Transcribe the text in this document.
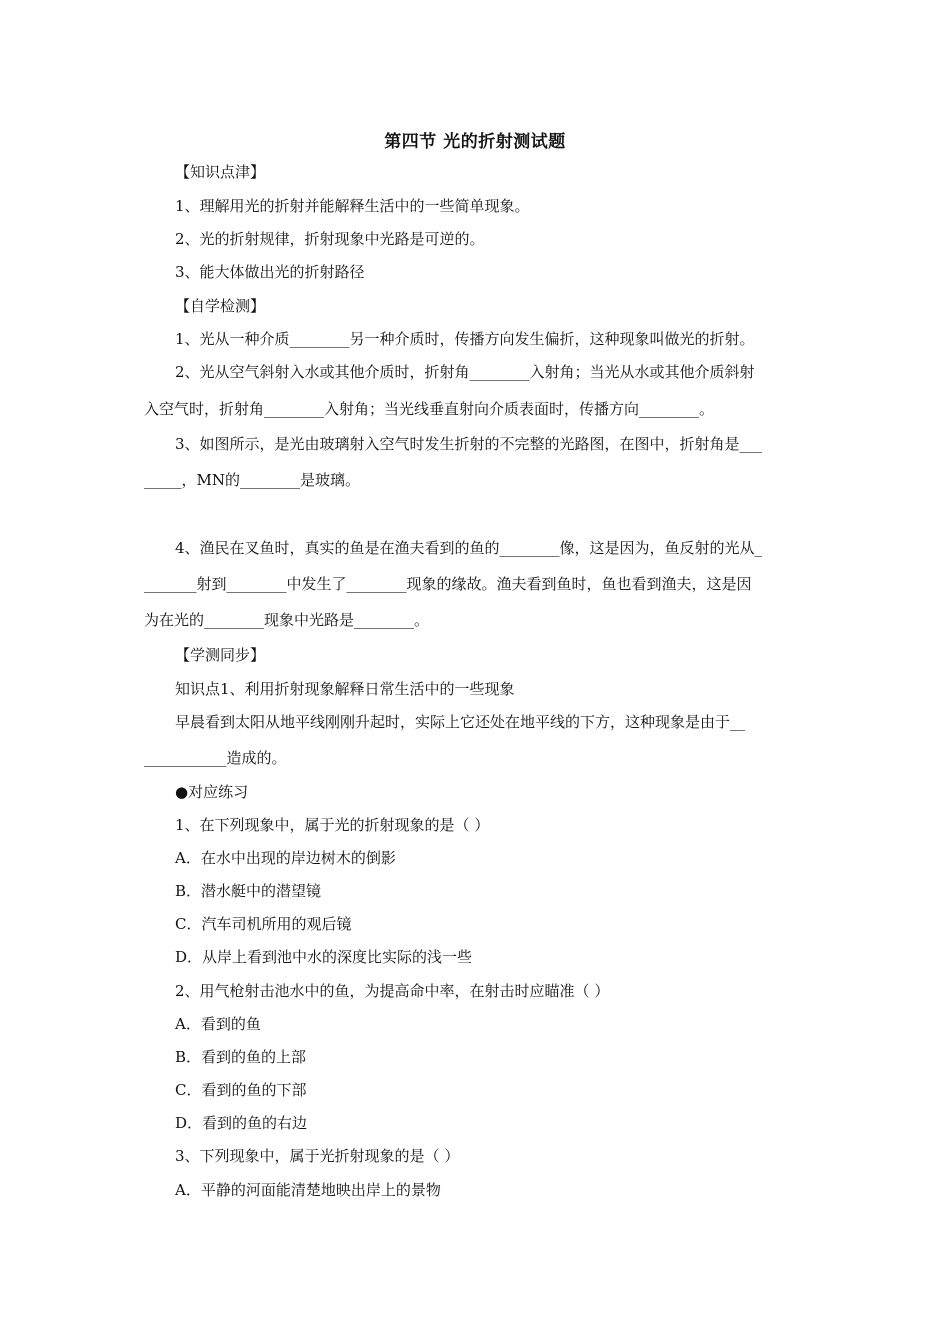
第四节 光的折射测试题
【知识点津】
1、理解用光的折射并能解释生活中的一些简单现象。
2、光的折射规律，折射现象中光路是可逆的。
3、能大体做出光的折射路径
【自学检测】
1、光从一种介质________另一种介质时，传播方向发生偏折，这种现象叫做光的折射。
2、光从空气斜射入水或其他介质时，折射角________入射角；当光从水或其他介质斜射
入空气时，折射角________入射角；当光线垂直射向介质表面时，传播方向________。
3、如图所示，是光由玻璃射入空气时发生折射的不完整的光路图，在图中，折射角是___
_____，MN的________是玻璃。
4、渔民在叉鱼时，真实的鱼是在渔夫看到的鱼的________像，这是因为，鱼反射的光从_
_______射到________中发生了________现象的缘故。渔夫看到鱼时，鱼也看到渔夫，这是因
为在光的________现象中光路是________。
【学测同步】
知识点1、利用折射现象解释日常生活中的一些现象
早晨看到太阳从地平线刚刚升起时，实际上它还处在地平线的下方，这种现象是由于__
___________造成的。
●对应练习
1、在下列现象中，属于光的折射现象的是（ ）
A．在水中出现的岸边树木的倒影
B．潜水艇中的潜望镜
C．汽车司机所用的观后镜
D．从岸上看到池中水的深度比实际的浅一些
2、用气枪射击池水中的鱼，为提高命中率，在射击时应瞄准（ ）
A．看到的鱼
B．看到的鱼的上部
C．看到的鱼的下部
D．看到的鱼的右边
3、下列现象中，属于光折射现象的是（ ）
A．平静的河面能清楚地映出岸上的景物
